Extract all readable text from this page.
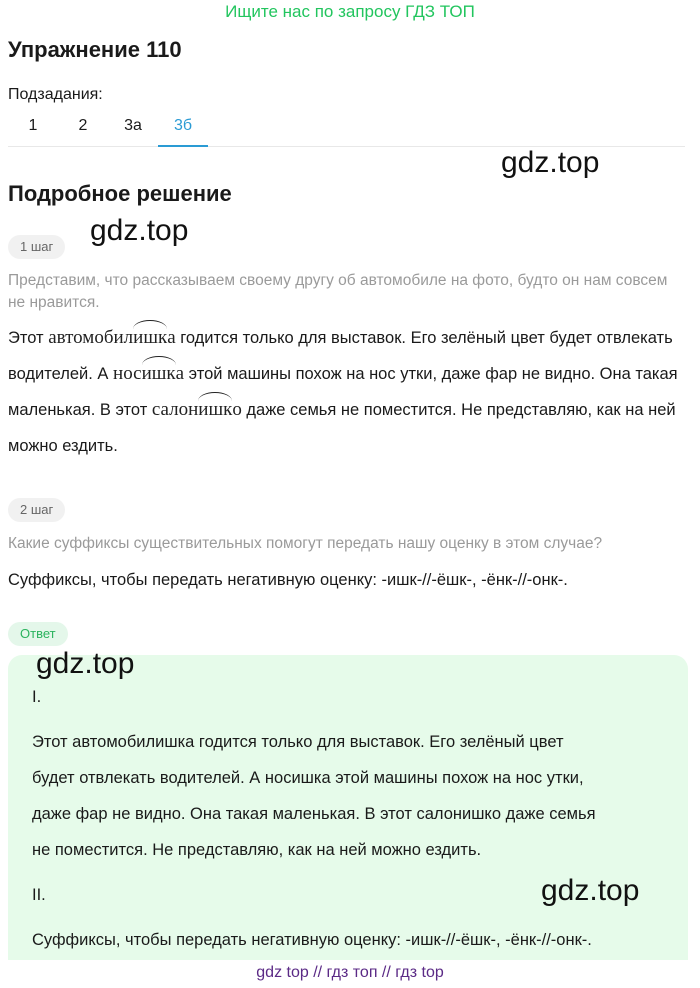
Ищите нас по запросу ГДЗ ТОП
Упражнение 110
Подзадания:
1	2	3а	3б
gdz.top
Подробное решение
gdz.top
1 шаг
Представим, что рассказываем своему другу об автомобиле на фото, будто он нам совсем не нравится.
Этот автомобилишка годится только для выставок. Его зелёный цвет будет отвлекать водителей. А носишка этой машины похож на нос утки, даже фар не видно. Она такая маленькая. В этот салонишко даже семья не поместится. Не представляю, как на ней можно ездить.
2 шаг
Какие суффиксы существительных помогут передать нашу оценку в этом случае?
Суффиксы, чтобы передать негативную оценку: -ишк-//-ёшк-, -ёнк-//-онк-.
Ответ
gdz.top
I.
Этот автомобилишка годится только для выставок. Его зелёный цвет
будет отвлекать водителей. А носишка этой машины похож на нос утки,
даже фар не видно. Она такая маленькая. В этот салонишко даже семья
не поместится. Не представляю, как на ней можно ездить.
II.	gdz.top
Суффиксы, чтобы передать негативную оценку: -ишк-//-ёшк-, -ёнк-//-онк-.
gdz top // гдз топ // гдз top
